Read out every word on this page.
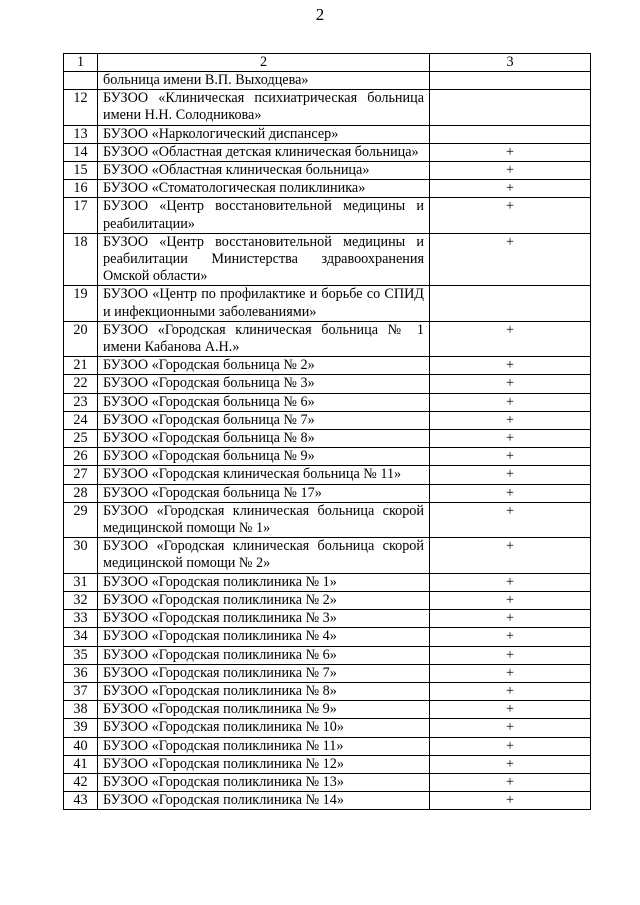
2
1	2	3
	больница имени В.П. Выходцева»	
12	БУЗОО «Клиническая психиатрическая больница имени Н.Н. Солодникова»	
13	БУЗОО «Наркологический диспансер»	
14	БУЗОО «Областная детская клиническая больница»	+
15	БУЗОО «Областная клиническая больница»	+
16	БУЗОО «Стоматологическая поликлиника»	+
17	БУЗОО «Центр восстановительной медицины и реабилитации»	+
18	БУЗОО «Центр восстановительной медицины и реабилитации Министерства здравоохранения Омской области»	+
19	БУЗОО «Центр по профилактике и борьбе со СПИД и инфекционными заболеваниями»	
20	БУЗОО «Городская клиническая больница № 1 имени Кабанова А.Н.»	+
21	БУЗОО «Городская больница № 2»	+
22	БУЗОО «Городская больница № 3»	+
23	БУЗОО «Городская больница № 6»	+
24	БУЗОО «Городская больница № 7»	+
25	БУЗОО «Городская больница № 8»	+
26	БУЗОО «Городская больница № 9»	+
27	БУЗОО «Городская клиническая больница № 11»	+
28	БУЗОО «Городская больница № 17»	+
29	БУЗОО «Городская клиническая больница скорой медицинской помощи № 1»	+
30	БУЗОО «Городская клиническая больница скорой медицинской помощи № 2»	+
31	БУЗОО «Городская поликлиника № 1»	+
32	БУЗОО «Городская поликлиника № 2»	+
33	БУЗОО «Городская поликлиника № 3»	+
34	БУЗОО «Городская поликлиника № 4»	+
35	БУЗОО «Городская поликлиника № 6»	+
36	БУЗОО «Городская поликлиника № 7»	+
37	БУЗОО «Городская поликлиника № 8»	+
38	БУЗОО «Городская поликлиника № 9»	+
39	БУЗОО «Городская поликлиника № 10»	+
40	БУЗОО «Городская поликлиника № 11»	+
41	БУЗОО «Городская поликлиника № 12»	+
42	БУЗОО «Городская поликлиника № 13»	+
43	БУЗОО «Городская поликлиника № 14»	+
